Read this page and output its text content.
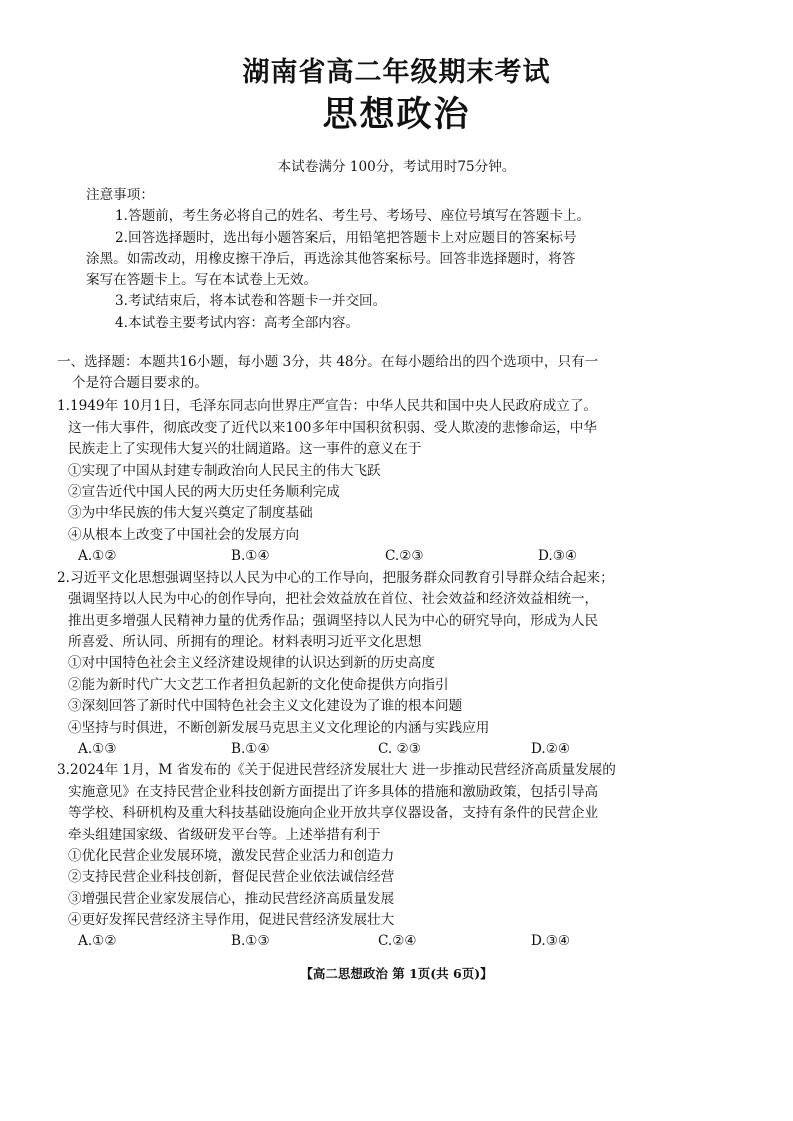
湖南省高二年级期末考试
思想政治
本试卷满分 100分，考试用时75分钟。
注意事项：
1.答题前，考生务必将自己的姓名、考生号、考场号、座位号填写在答题卡上。
2.回答选择题时，选出每小题答案后，用铅笔把答题卡上对应题目的答案标号
涂黑。如需改动，用橡皮擦干净后，再选涂其他答案标号。回答非选择题时，将答
案写在答题卡上。写在本试卷上无效。
3.考试结束后，将本试卷和答题卡一并交回。
4.本试卷主要考试内容：高考全部内容。
一、选择题：本题共16小题，每小题 3分，共 48分。在每小题给出的四个选项中，只有一
个是符合题目要求的。
1.1949年 10月1日，毛泽东同志向世界庄严宣告：中华人民共和国中央人民政府成立了。
这一伟大事件，彻底改变了近代以来100多年中国积贫积弱、受人欺凌的悲惨命运，中华
民族走上了实现伟大复兴的壮阔道路。这一事件的意义在于
①实现了中国从封建专制政治向人民民主的伟大飞跃
②宣告近代中国人民的两大历史任务顺利完成
③为中华民族的伟大复兴奠定了制度基础
④从根本上改变了中国社会的发展方向
A.①②	B.①④	C.②③	D.③④
2.习近平文化思想强调坚持以人民为中心的工作导向，把服务群众同教育引导群众结合起来；
强调坚持以人民为中心的创作导向，把社会效益放在首位、社会效益和经济效益相统一，
推出更多增强人民精神力量的优秀作品；强调坚持以人民为中心的研究导向，形成为人民
所喜爱、所认同、所拥有的理论。材料表明习近平文化思想
①对中国特色社会主义经济建设规律的认识达到新的历史高度
②能为新时代广大文艺工作者担负起新的文化使命提供方向指引
③深刻回答了新时代中国特色社会主义文化建设为了谁的根本问题
④坚持与时俱进，不断创新发展马克思主义文化理论的内涵与实践应用
A.①③	B.①④	C. ②③	D.②④
3.2024年 1月，M 省发布的《关于促进民营经济发展壮大 进一步推动民营经济高质量发展的
实施意见》在支持民营企业科技创新方面提出了许多具体的措施和激励政策，包括引导高
等学校、科研机构及重大科技基础设施向企业开放共享仪器设备，支持有条件的民营企业
牵头组建国家级、省级研发平台等。上述举措有利于
①优化民营企业发展环境，激发民营企业活力和创造力
②支持民营企业科技创新，督促民营企业依法诚信经营
③增强民营企业家发展信心，推动民营经济高质量发展
④更好发挥民营经济主导作用，促进民营经济发展壮大
A.①②	B.①③	C.②④	D.③④
【高二思想政治 第 1页(共 6页)】
